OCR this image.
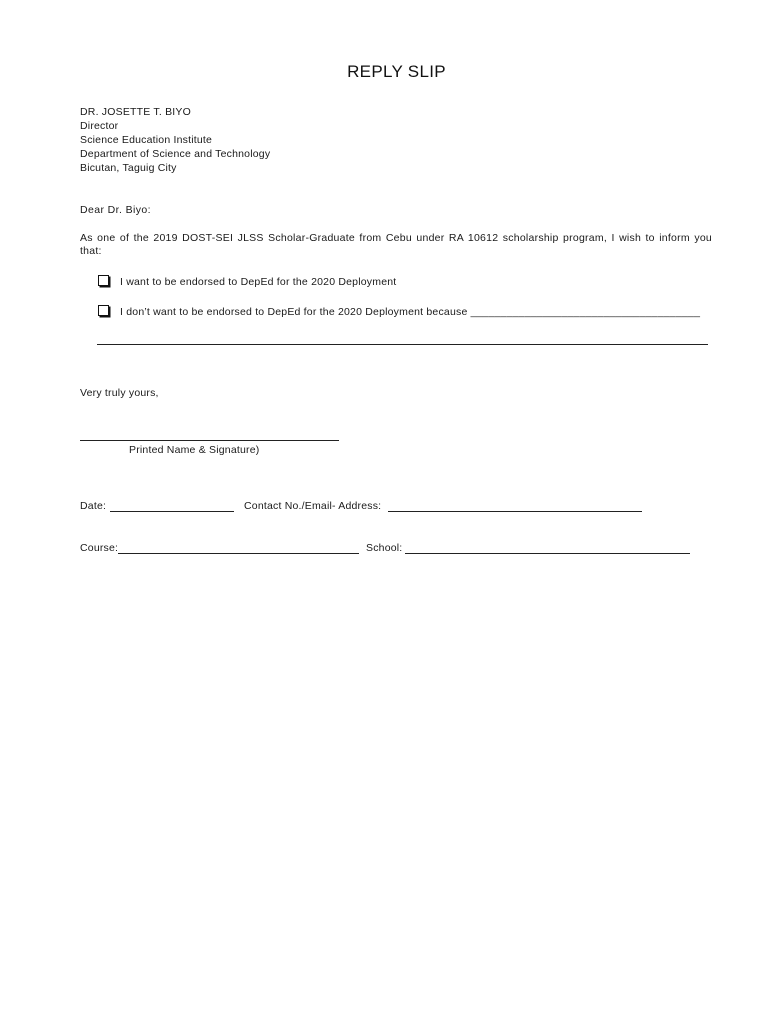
REPLY SLIP
DR. JOSETTE T. BIYO
Director
Science Education Institute
Department of Science and Technology
Bicutan, Taguig City
Dear Dr. Biyo:
As one of the 2019 DOST-SEI JLSS Scholar-Graduate from Cebu under RA 10612 scholarship program, I wish to inform you that:
I want to be endorsed to DepEd for the 2020 Deployment
I don’t want to be endorsed to DepEd for the 2020 Deployment because ______________________________________
Very truly yours,
Printed Name & Signature)
Date:	Contact No./Email- Address:
Course:	School:
